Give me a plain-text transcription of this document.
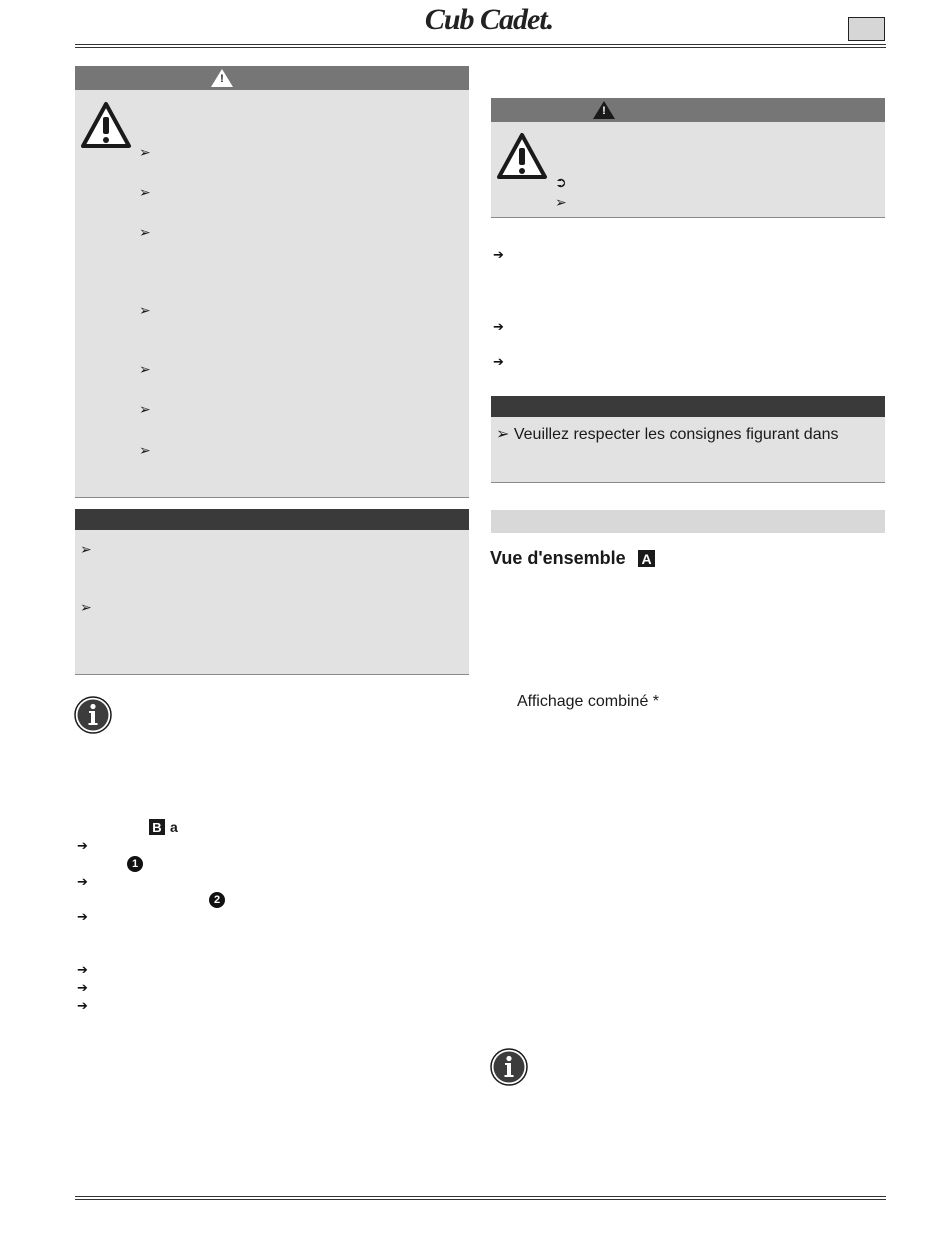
Cub Cadet.
!
➢
➢
➢
➢
➢
➢
➢
➢
➢
B a
➔
1
➔
2
➔
➔
➔
➔
!
➲
➢
➔
➔
➔
➢ Veuillez respecter les consignes figurant dans
Vue d'ensemble A
Affichage combiné *
